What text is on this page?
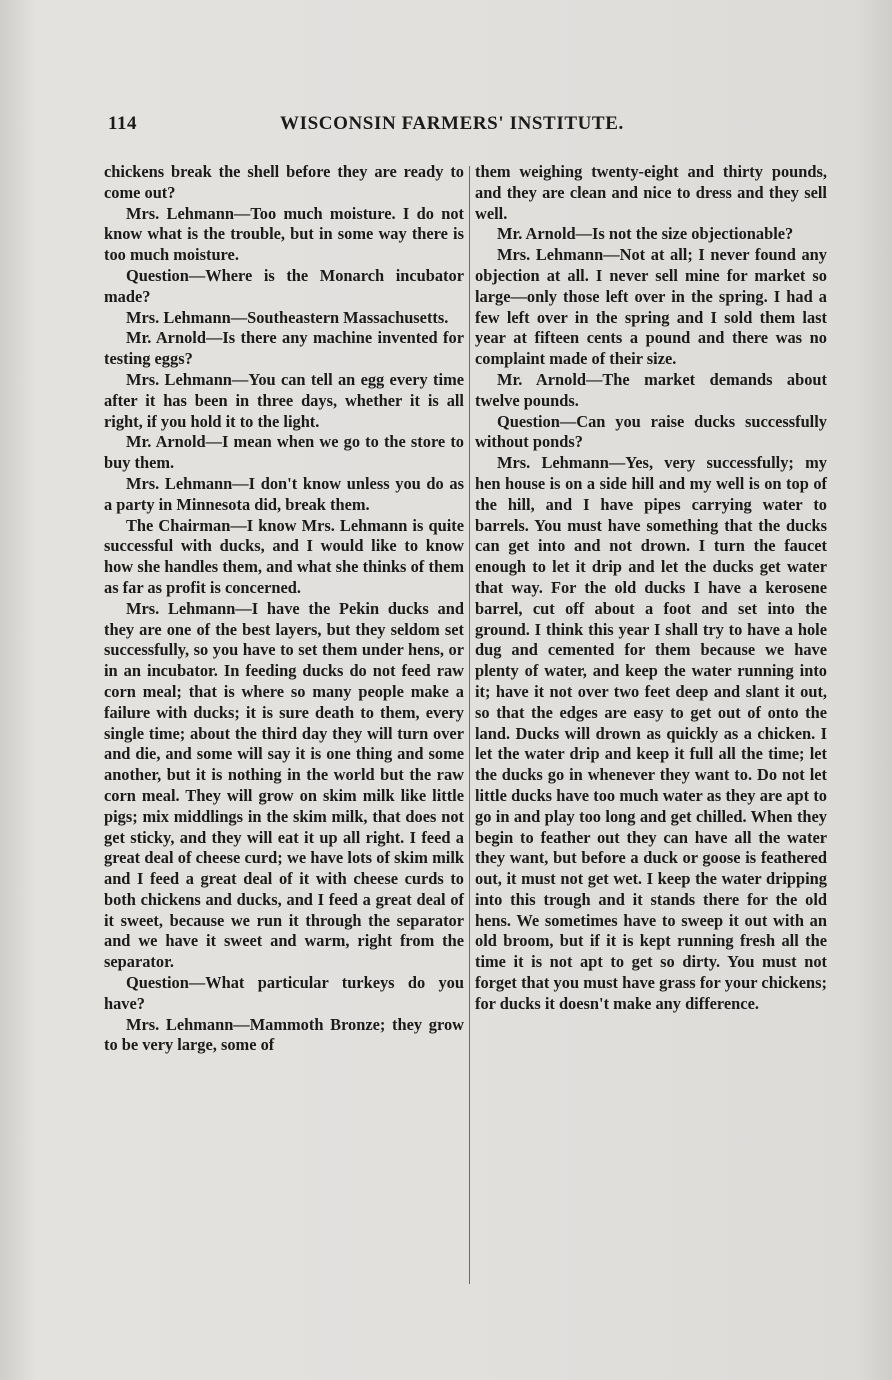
114	WISCONSIN FARMERS' INSTITUTE.

chickens break the shell before they are ready to come out?

Mrs. Lehmann—Too much moisture. I do not know what is the trouble, but in some way there is too much moisture.

Question—Where is the Monarch incubator made?

Mrs. Lehmann—Southeastern Massachusetts.

Mr. Arnold—Is there any machine invented for testing eggs?

Mrs. Lehmann—You can tell an egg every time after it has been in three days, whether it is all right, if you hold it to the light.

Mr. Arnold—I mean when we go to the store to buy them.

Mrs. Lehmann—I don't know unless you do as a party in Minnesota did, break them.

The Chairman—I know Mrs. Lehmann is quite successful with ducks, and I would like to know how she handles them, and what she thinks of them as far as profit is concerned.

Mrs. Lehmann—I have the Pekin ducks and they are one of the best layers, but they seldom set successfully, so you have to set them under hens, or in an incubator. In feeding ducks do not feed raw corn meal; that is where so many people make a failure with ducks; it is sure death to them, every single time; about the third day they will turn over and die, and some will say it is one thing and some another, but it is nothing in the world but the raw corn meal. They will grow on skim milk like little pigs; mix middlings in the skim milk, that does not get sticky, and they will eat it up all right. I feed a great deal of cheese curd; we have lots of skim milk and I feed a great deal of it with cheese curds to both chickens and ducks, and I feed a great deal of it sweet, because we run it through the separator and we have it sweet and warm, right from the separator.

Question—What particular turkeys do you have?

Mrs. Lehmann—Mammoth Bronze; they grow to be very large, some of

them weighing twenty-eight and thirty pounds, and they are clean and nice to dress and they sell well.

Mr. Arnold—Is not the size objectionable?

Mrs. Lehmann—Not at all; I never found any objection at all. I never sell mine for market so large—only those left over in the spring. I had a few left over in the spring and I sold them last year at fifteen cents a pound and there was no complaint made of their size.

Mr. Arnold—The market demands about twelve pounds.

Question—Can you raise ducks successfully without ponds?

Mrs. Lehmann—Yes, very successfully; my hen house is on a side hill and my well is on top of the hill, and I have pipes carrying water to barrels. You must have something that the ducks can get into and not drown. I turn the faucet enough to let it drip and let the ducks get water that way. For the old ducks I have a kerosene barrel, cut off about a foot and set into the ground. I think this year I shall try to have a hole dug and cemented for them because we have plenty of water, and keep the water running into it; have it not over two feet deep and slant it out, so that the edges are easy to get out of onto the land. Ducks will drown as quickly as a chicken. I let the water drip and keep it full all the time; let the ducks go in whenever they want to. Do not let little ducks have too much water as they are apt to go in and play too long and get chilled. When they begin to feather out they can have all the water they want, but before a duck or goose is feathered out, it must not get wet. I keep the water dripping into this trough and it stands there for the old hens. We sometimes have to sweep it out with an old broom, but if it is kept running fresh all the time it is not apt to get so dirty. You must not forget that you must have grass for your chickens; for ducks it doesn't make any difference.
